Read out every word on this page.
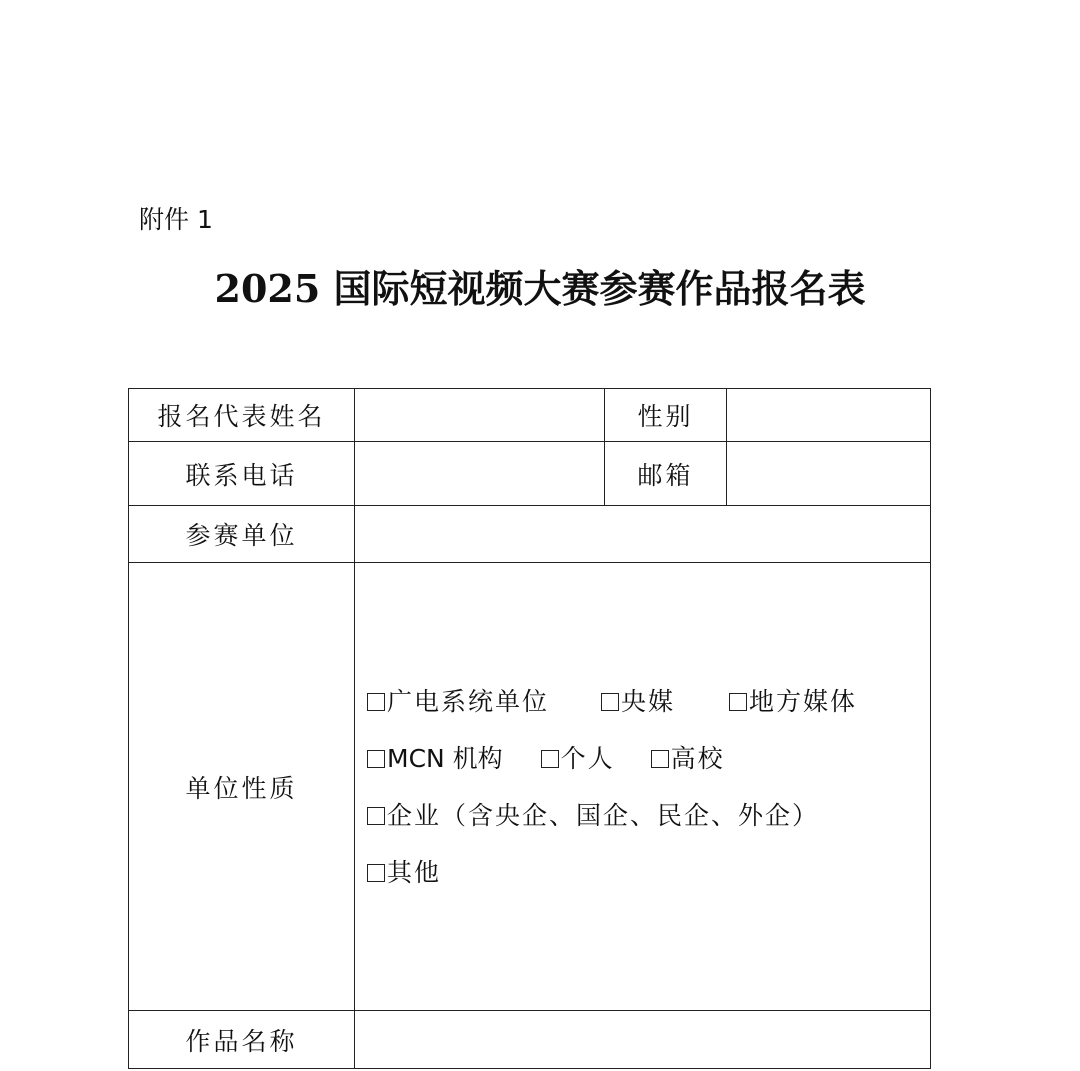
附件 1
2025 国际短视频大赛参赛作品报名表
报名代表姓名		性别	
联系电话		邮箱	
参赛单位			
单位性质	广电系统单位 央媒 地方媒体
MCN 机构 个人 高校
企业（含央企、国企、民企、外企）
其他		

作品名称			
